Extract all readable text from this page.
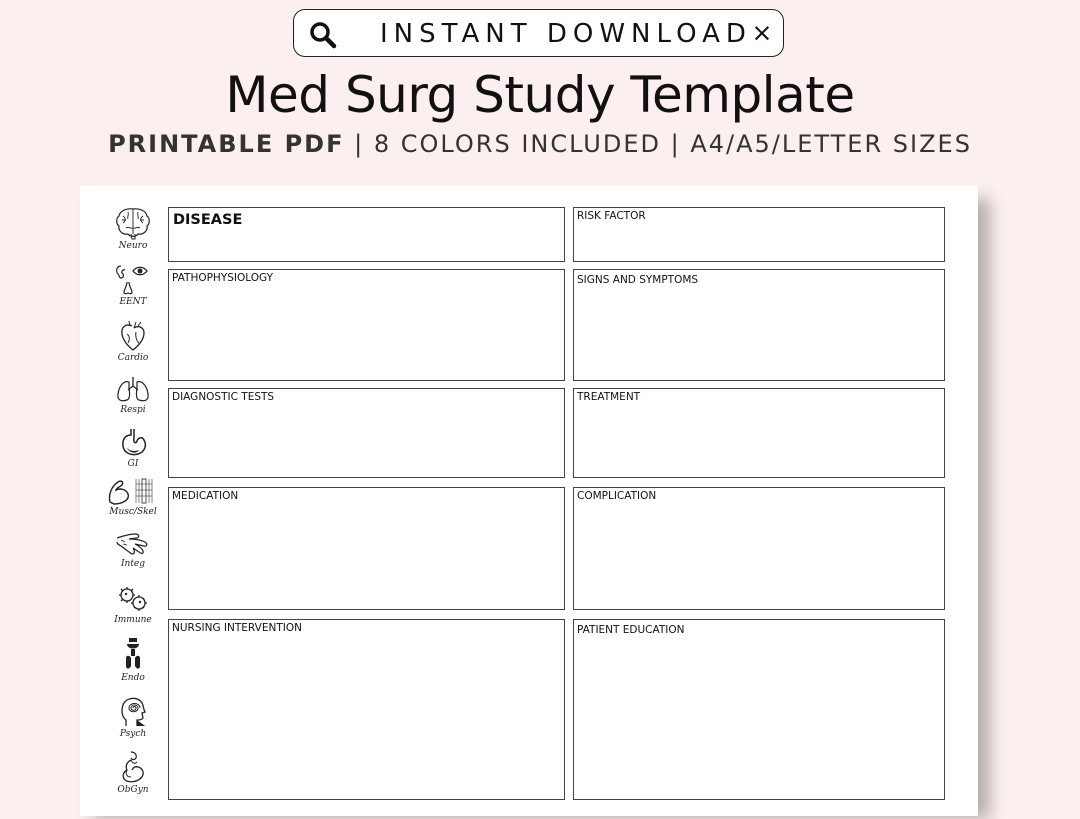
INSTANT DOWNLOAD ×
Med Surg Study Template
PRINTABLE PDF | 8 COLORS INCLUDED | A4/A5/LETTER SIZES
Neuro
EENT
Cardio
Respi
GI
Musc/Skel
Integ
Immune
Endo
Psych
ObGyn
DISEASE	RISK FACTOR
PATHOPHYSIOLOGY	SIGNS AND SYMPTOMS
DIAGNOSTIC TESTS	TREATMENT
MEDICATION	COMPLICATION
NURSING INTERVENTION	PATIENT EDUCATION
